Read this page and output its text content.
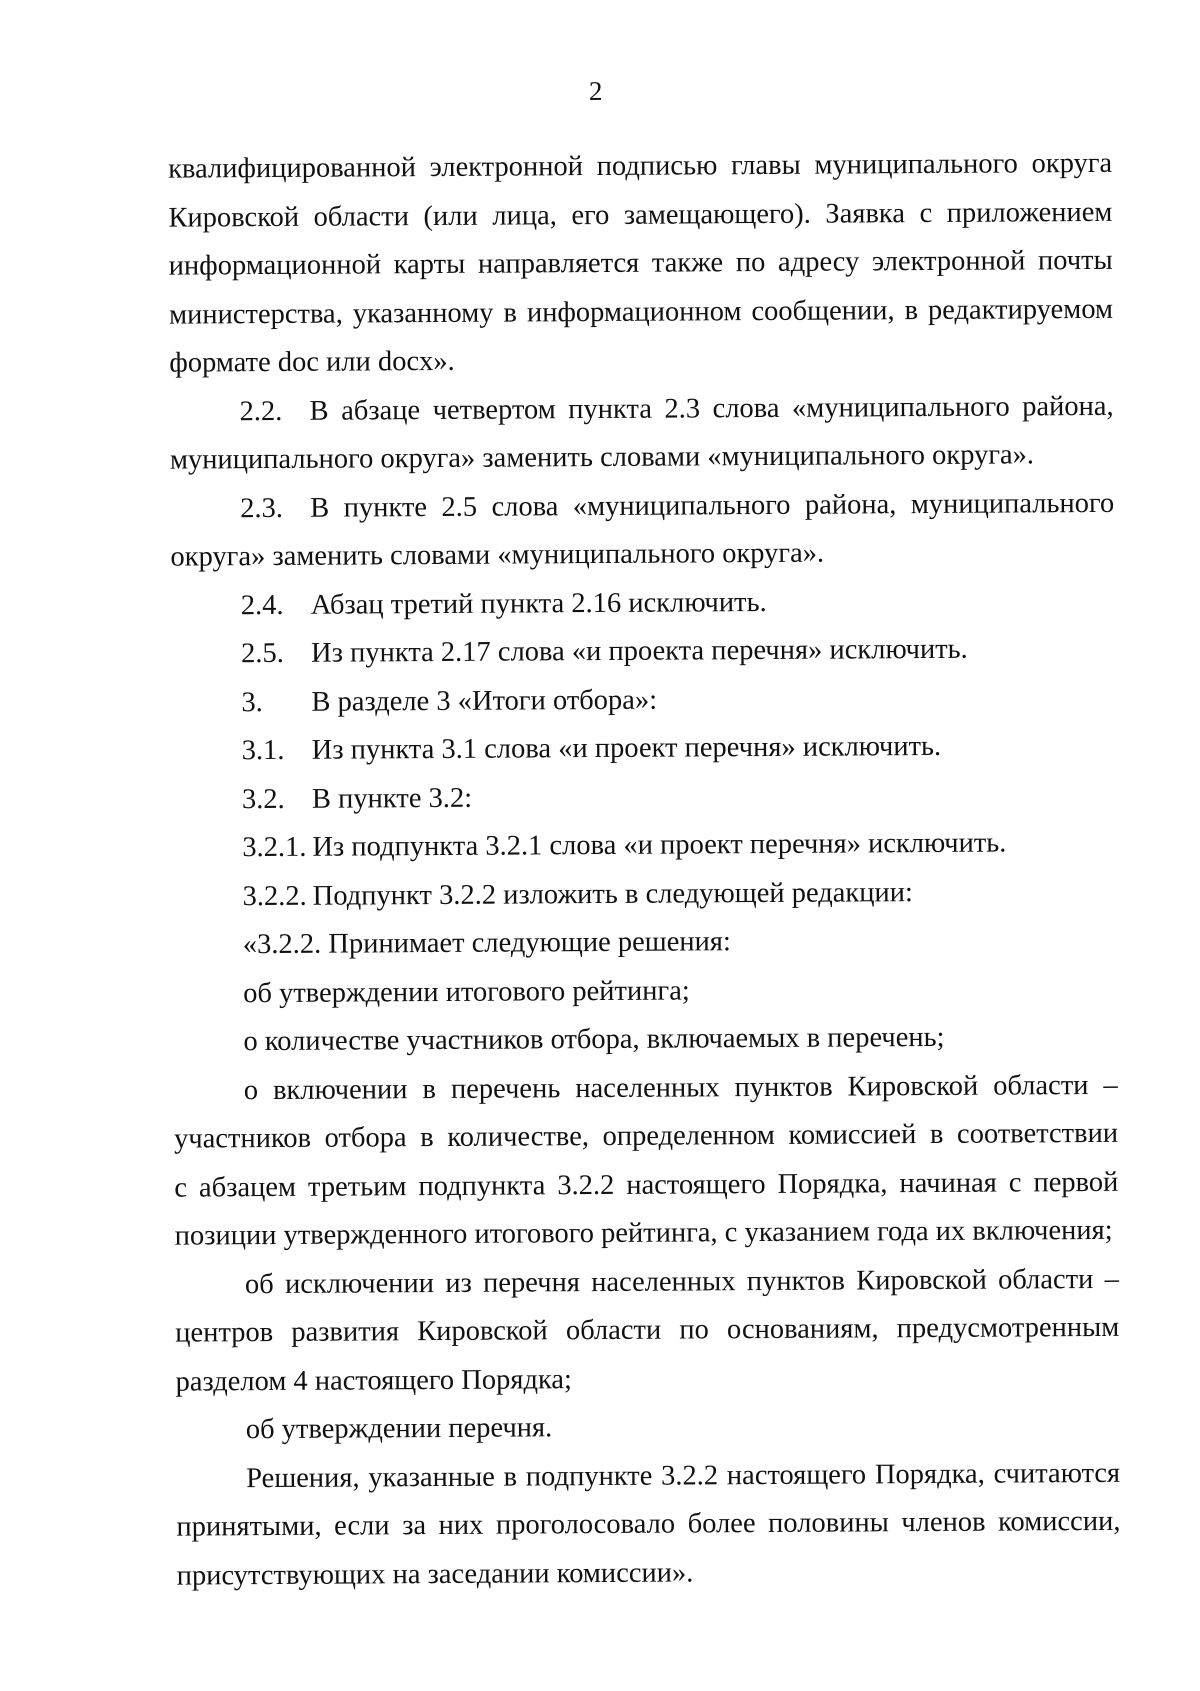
2

квалифицированной электронной подписью главы муниципального округа
Кировской области (или лица, его замещающего). Заявка с приложением
информационной карты направляется также по адресу электронной почты
министерства, указанному в информационном сообщении, в редактируемом
формате doc или docx».

2.2. В абзаце четвертом пункта 2.3 слова «муниципального района,
муниципального округа» заменить словами «муниципального округа».

2.3. В пункте 2.5 слова «муниципального района, муниципального
округа» заменить словами «муниципального округа».

2.4. Абзац третий пункта 2.16 исключить.

2.5. Из пункта 2.17 слова «и проекта перечня» исключить.

3. В разделе 3 «Итоги отбора»:

3.1. Из пункта 3.1 слова «и проект перечня» исключить.

3.2. В пункте 3.2:

3.2.1. Из подпункта 3.2.1 слова «и проект перечня» исключить.

3.2.2. Подпункт 3.2.2 изложить в следующей редакции:

«3.2.2. Принимает следующие решения:

об утверждении итогового рейтинга;

о количестве участников отбора, включаемых в перечень;

о включении в перечень населенных пунктов Кировской области –
участников отбора в количестве, определенном комиссией в соответствии
с абзацем третьим подпункта 3.2.2 настоящего Порядка, начиная с первой
позиции утвержденного итогового рейтинга, с указанием года их включения;

об исключении из перечня населенных пунктов Кировской области –
центров развития Кировской области по основаниям, предусмотренным
разделом 4 настоящего Порядка;

об утверждении перечня.

Решения, указанные в подпункте 3.2.2 настоящего Порядка, считаются
принятыми, если за них проголосовало более половины членов комиссии,
присутствующих на заседании комиссии».
